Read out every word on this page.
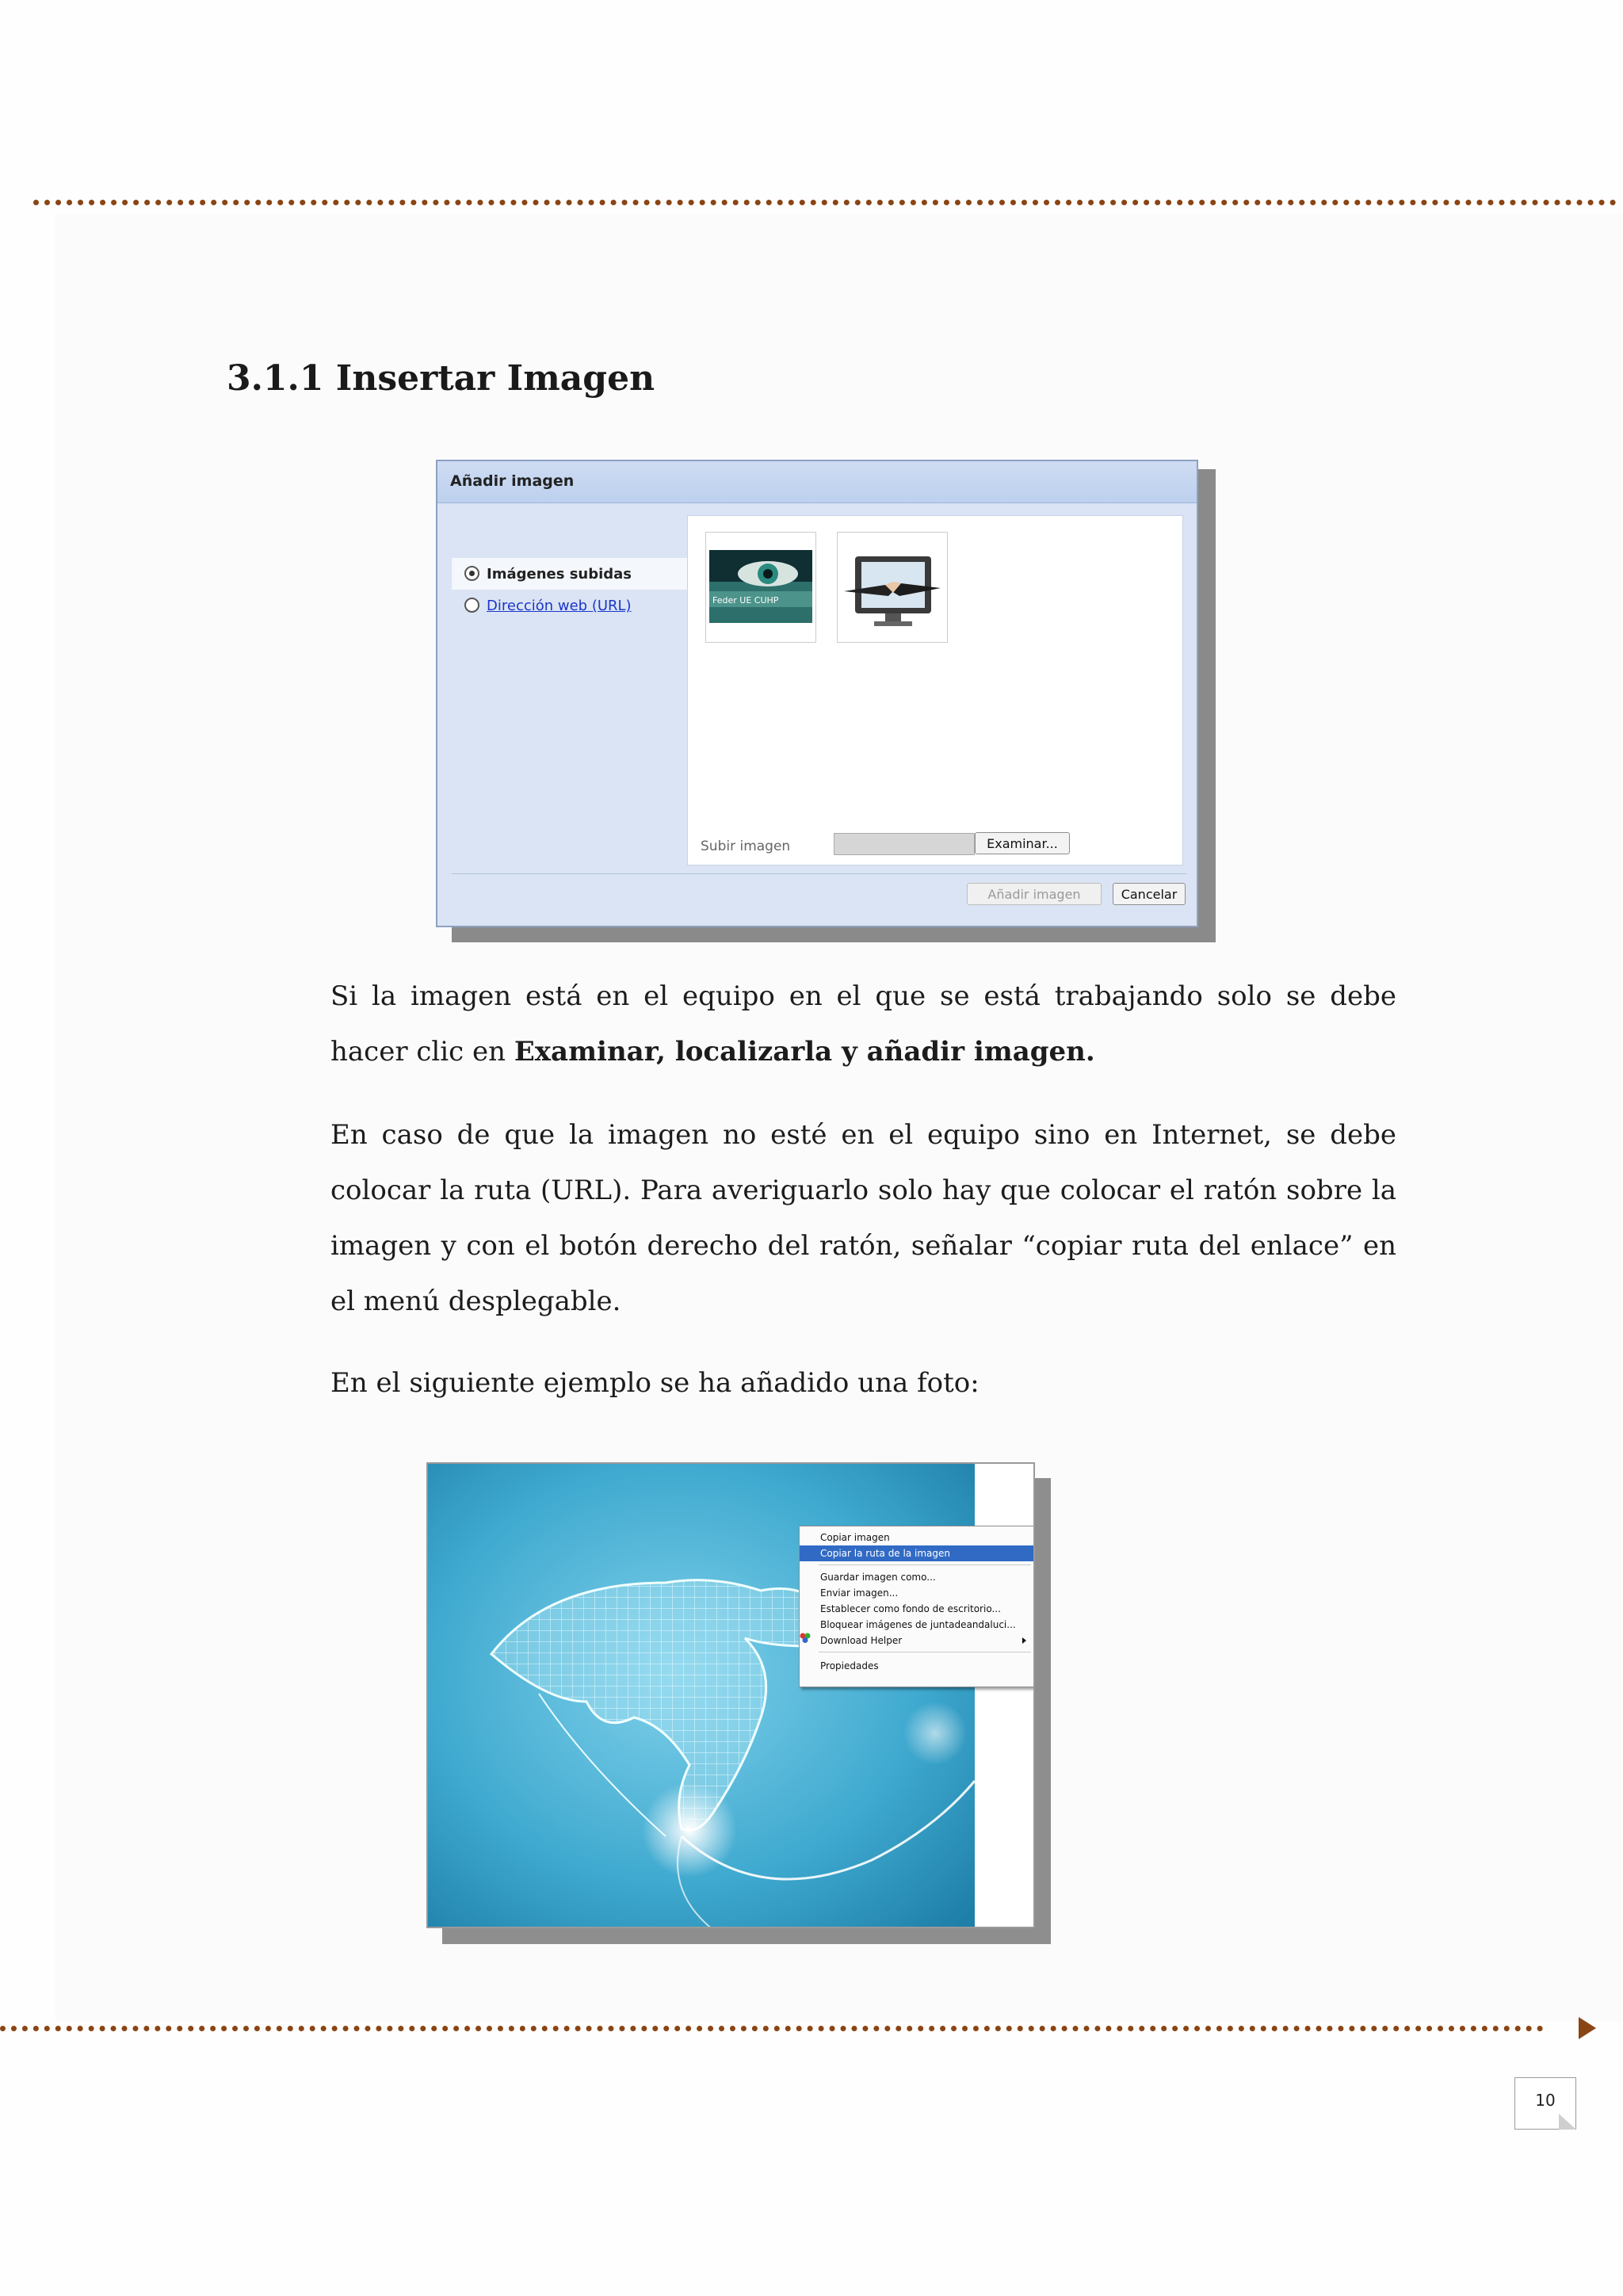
3.1.1 Insertar Imagen
Añadir imagen
Imágenes subidas
Dirección web (URL)	Feder UE CUHP
Subir imagen	Examinar...
Añadir imagen	Cancelar

Si la imagen está en el equipo en el que se está trabajando solo se debe hacer clic en Examinar, localizarla y añadir imagen.

En caso de que la imagen no esté en el equipo sino en Internet, se debe colocar la ruta (URL). Para averiguarlo solo hay que colocar el ratón sobre la imagen y con el botón derecho del ratón, señalar “copiar ruta del enlace” en el menú desplegable.

En el siguiente ejemplo se ha añadido una foto:

Copiar imagen
Copiar la ruta de la imagen
Guardar imagen como...
Enviar imagen...
Establecer como fondo de escritorio...
Bloquear imágenes de juntadeandaluci...
Download Helper
Propiedades
10
